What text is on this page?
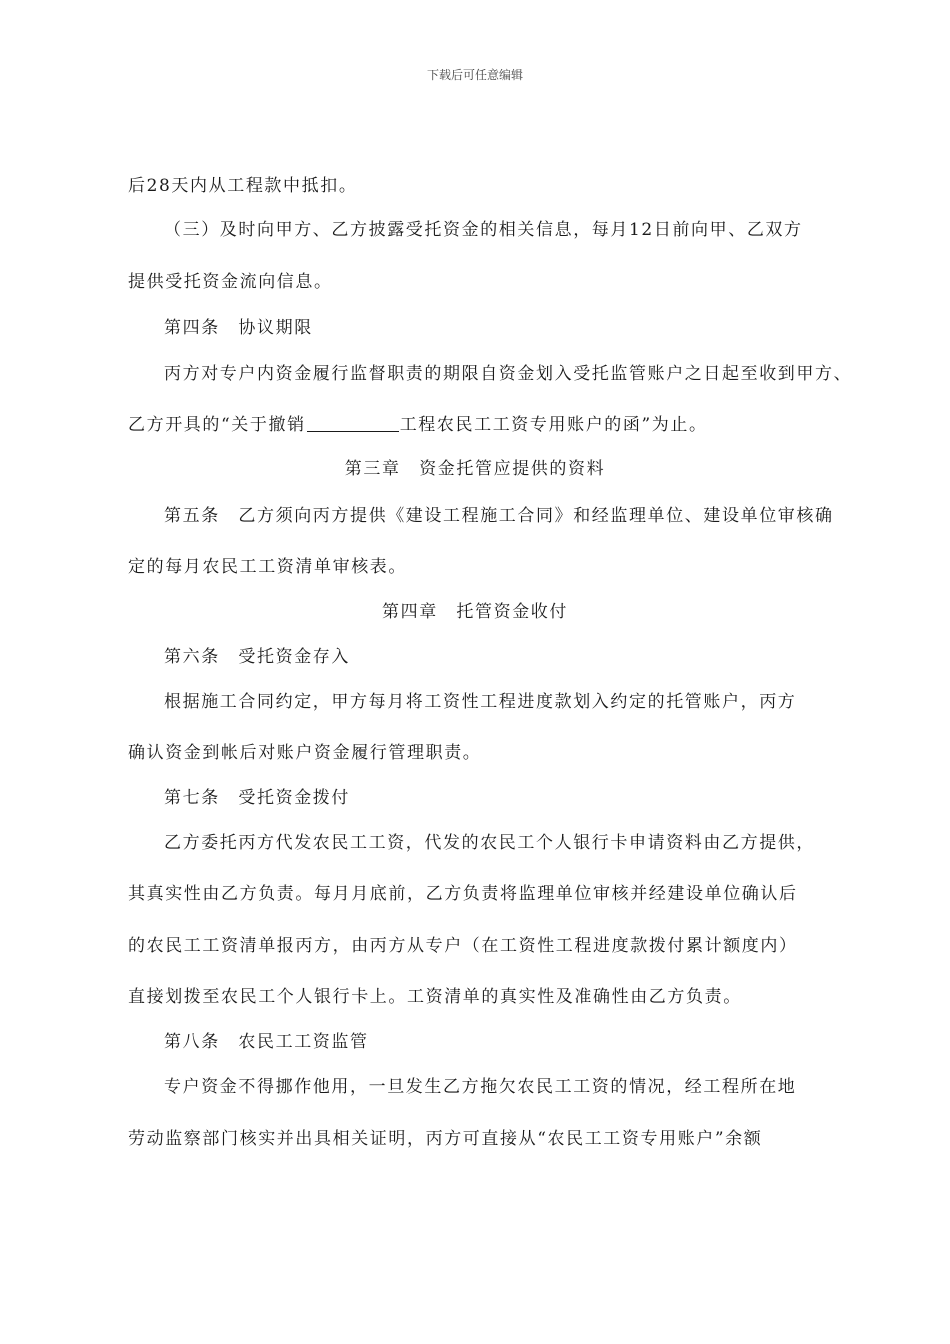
下载后可任意编辑
后28天内从工程款中抵扣。
（三）及时向甲方、乙方披露受托资金的相关信息，每月12日前向甲、乙双方
提供受托资金流向信息。
第四条　协议期限
丙方对专户内资金履行监督职责的期限自资金划入受托监管账户之日起至收到甲方、
乙方开具的“关于撤销	工程农民工工资专用账户的函”为止。
第三章　资金托管应提供的资料
第五条　乙方须向丙方提供《建设工程施工合同》和经监理单位、建设单位审核确
定的每月农民工工资清单审核表。
第四章　托管资金收付
第六条　受托资金存入
根据施工合同约定，甲方每月将工资性工程进度款划入约定的托管账户，丙方
确认资金到帐后对账户资金履行管理职责。
第七条　受托资金拨付
乙方委托丙方代发农民工工资，代发的农民工个人银行卡申请资料由乙方提供，
其真实性由乙方负责。每月月底前，乙方负责将监理单位审核并经建设单位确认后
的农民工工资清单报丙方，由丙方从专户（在工资性工程进度款拨付累计额度内）
直接划拨至农民工个人银行卡上。工资清单的真实性及准确性由乙方负责。
第八条　农民工工资监管
专户资金不得挪作他用，一旦发生乙方拖欠农民工工资的情况，经工程所在地
劳动监察部门核实并出具相关证明，丙方可直接从“农民工工资专用账户”余额
